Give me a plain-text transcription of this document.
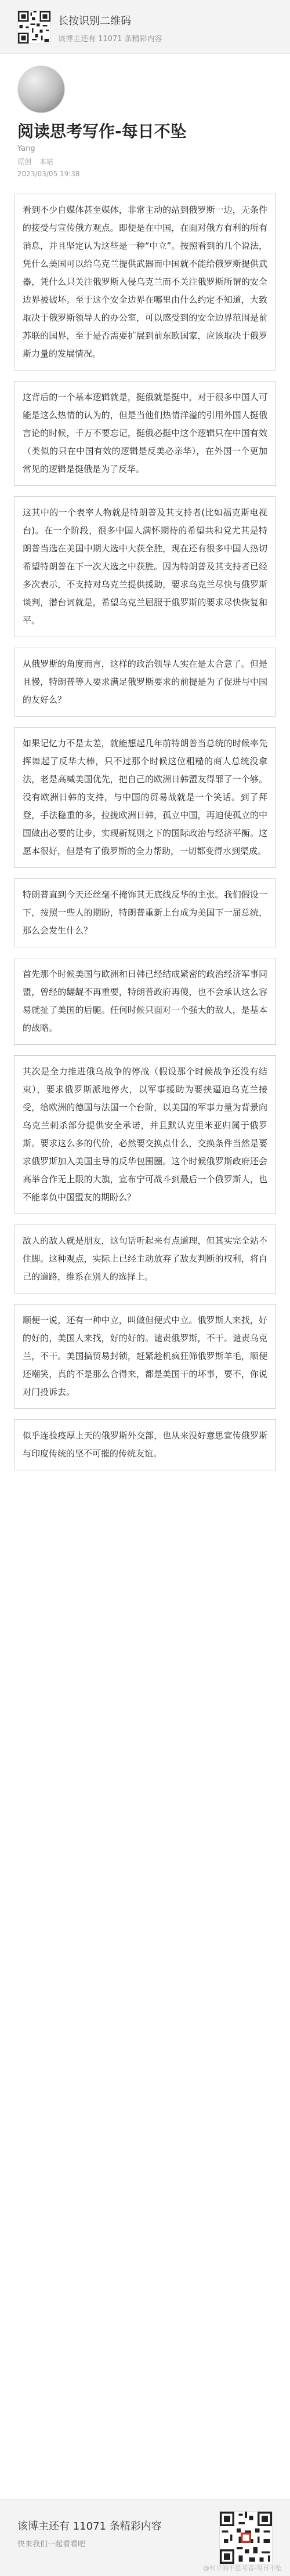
长按识别二维码
该博主还有 11071 条精彩内容
阅读思考写作-每日不坠
Yang
原创 本站
2023/03/05 19:38

看到不少自媒体甚至媒体，非常主动的站到俄罗斯一边，无条件的接受与宣传俄方观点。即便是在中国，在面对俄方有利的所有消息，并且坚定认为这些是一种“中立”。按照看到的几个说法，凭什么美国可以给乌克兰提供武器而中国就不能给俄罗斯提供武器，凭什么只关注俄罗斯入侵乌克兰而不关注俄罗斯所谓的安全边界被破坏。至于这个安全边界在哪里由什么约定不知道，大致取决于俄罗斯领导人的办公室，可以感受到的安全边界范围是前苏联的国界，至于是否需要扩展到前东欧国家，应该取决于俄罗斯力量的发展情况。

这背后的一个基本逻辑就是，挺俄就是挺中，对于很多中国人可能是这么热情的认为的，但是当他们热情洋溢的引用外国人挺俄言论的时候，千万不要忘记，挺俄必挺中这个逻辑只在中国有效（类似的只在中国有效的逻辑是反美必亲华），在外国一个更加常见的逻辑是挺俄是为了反华。

这其中的一个表率人物就是特朗普及其支持者(比如福克斯电视台)。在一个阶段，很多中国人满怀期待的希望共和党尤其是特朗普当选在美国中期大选中大获全胜，现在还有很多中国人热切希望特朗普在下一次大选之中获胜。因为特朗普及其支持者已经多次表示，不支持对乌克兰提供援助，要求乌克兰尽快与俄罗斯谈判，潜台词就是，希望乌克兰屈服于俄罗斯的要求尽快恢复和平。

从俄罗斯的角度而言，这样的政治领导人实在是太合意了。但是且慢，特朗普等人要求满足俄罗斯要求的前提是为了促进与中国的友好么？

如果记忆力不是太差，就能想起几年前特朗普当总统的时候率先挥舞起了反华大棒，只不过那个时候这位粗糙的商人总统没拿法，老是高喊美国优先，把自己的欧洲日韩盟友得罪了一个够。没有欧洲日韩的支持，与中国的贸易战就是一个笑话。到了拜登，手法稳重的多，拉拢欧洲日韩，孤立中国，再迫使孤立的中国做出必要的让步，实现新规则之下的国际政治与经济平衡。这愿本很好，但是有了俄罗斯的全力帮助，一切都变得水到渠成。

特朗普直到今天还丝毫不掩饰其无底线反华的主张。我们假设一下，按照一些人的期盼，特朗普重新上台成为美国下一届总统，那么会发生什么？

首先那个时候美国与欧洲和日韩已经结成紧密的政治经济军事同盟，曾经的龌龊不再重要，特朗普政府再傻，也不会承认这么容易就扯了美国的后腿。任何时候只面对一个强大的敌人，是基本的战略。

其次是全力推进俄乌战争的停战（假设那个时候战争还没有结束），要求俄罗斯派地停火，以军事援助为要挟逼迫乌克兰接受，给欧洲的德国与法国一个台阶，以美国的军事力量为背景向乌克兰刺杀部分提供安全承诺，并且默认克里米亚归属于俄罗斯。要求这么多的代价，必然要交换点什么，交换条件当然是要求俄罗斯加入美国主导的反华包围圈。这个时候俄罗斯政府还会高举合作无上限的大旗，宣布宁可战斗到最后一个俄罗斯人，也不能辜负中国盟友的期盼么？

敌人的敌人就是朋友，这句话听起来有点道理，但其实完全站不住脚。这种观点，实际上已经主动放弃了敌友判断的权利，将自己的道路，维系在别人的选择上。

顺便一说，还有一种中立，叫做但便式中立。俄罗斯人来找，好的好的，美国人来找，好的好的。谴责俄罗斯，不干。谴责乌克兰，不干。美国搞贸易封锁，赶紧趁机疯狂筛俄罗斯羊毛，顺便还嘲笑，真的不是那么合得来，都是美国干的坏事，要不，你说对门投诉去。

似乎连验疫厚上天的俄罗斯外交部，也从来没好意思宣传俄罗斯与印度传统的坚不可摧的传统友谊。

该博主还有 11071 条精彩内容
快来我们一起看看吧
@知乎的不思考者-每日不坠
